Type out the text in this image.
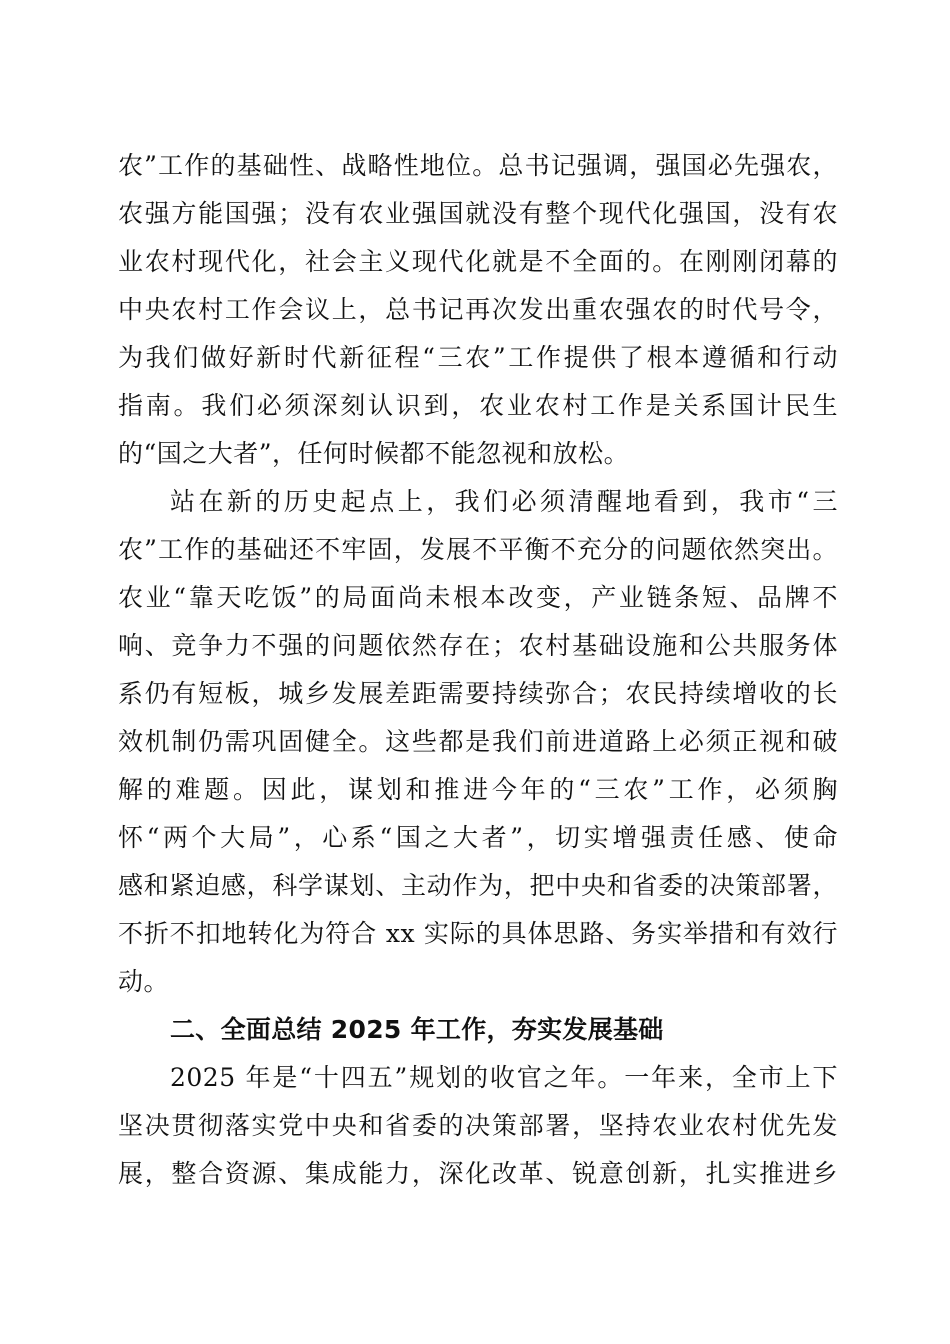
农”工作的基础性、战略性地位。总书记强调，强国必先强农，
农强方能国强；没有农业强国就没有整个现代化强国，没有农
业农村现代化，社会主义现代化就是不全面的。在刚刚闭幕的
中央农村工作会议上，总书记再次发出重农强农的时代号令，
为我们做好新时代新征程“三农”工作提供了根本遵循和行动
指南。我们必须深刻认识到，农业农村工作是关系国计民生
的“国之大者”，任何时候都不能忽视和放松。
站在新的历史起点上，我们必须清醒地看到，我市“三
农”工作的基础还不牢固，发展不平衡不充分的问题依然突出。
农业“靠天吃饭”的局面尚未根本改变，产业链条短、品牌不
响、竞争力不强的问题依然存在；农村基础设施和公共服务体
系仍有短板，城乡发展差距需要持续弥合；农民持续增收的长
效机制仍需巩固健全。这些都是我们前进道路上必须正视和破
解的难题。因此，谋划和推进今年的“三农”工作，必须胸
怀“两个大局”，心系“国之大者”，切实增强责任感、使命
感和紧迫感，科学谋划、主动作为，把中央和省委的决策部署，
不折不扣地转化为符合 xx 实际的具体思路、务实举措和有效行
动。
二、全面总结 2025 年工作，夯实发展基础
2025 年是“十四五”规划的收官之年。一年来，全市上下
坚决贯彻落实党中央和省委的决策部署，坚持农业农村优先发
展，整合资源、集成能力，深化改革、锐意创新，扎实推进乡
